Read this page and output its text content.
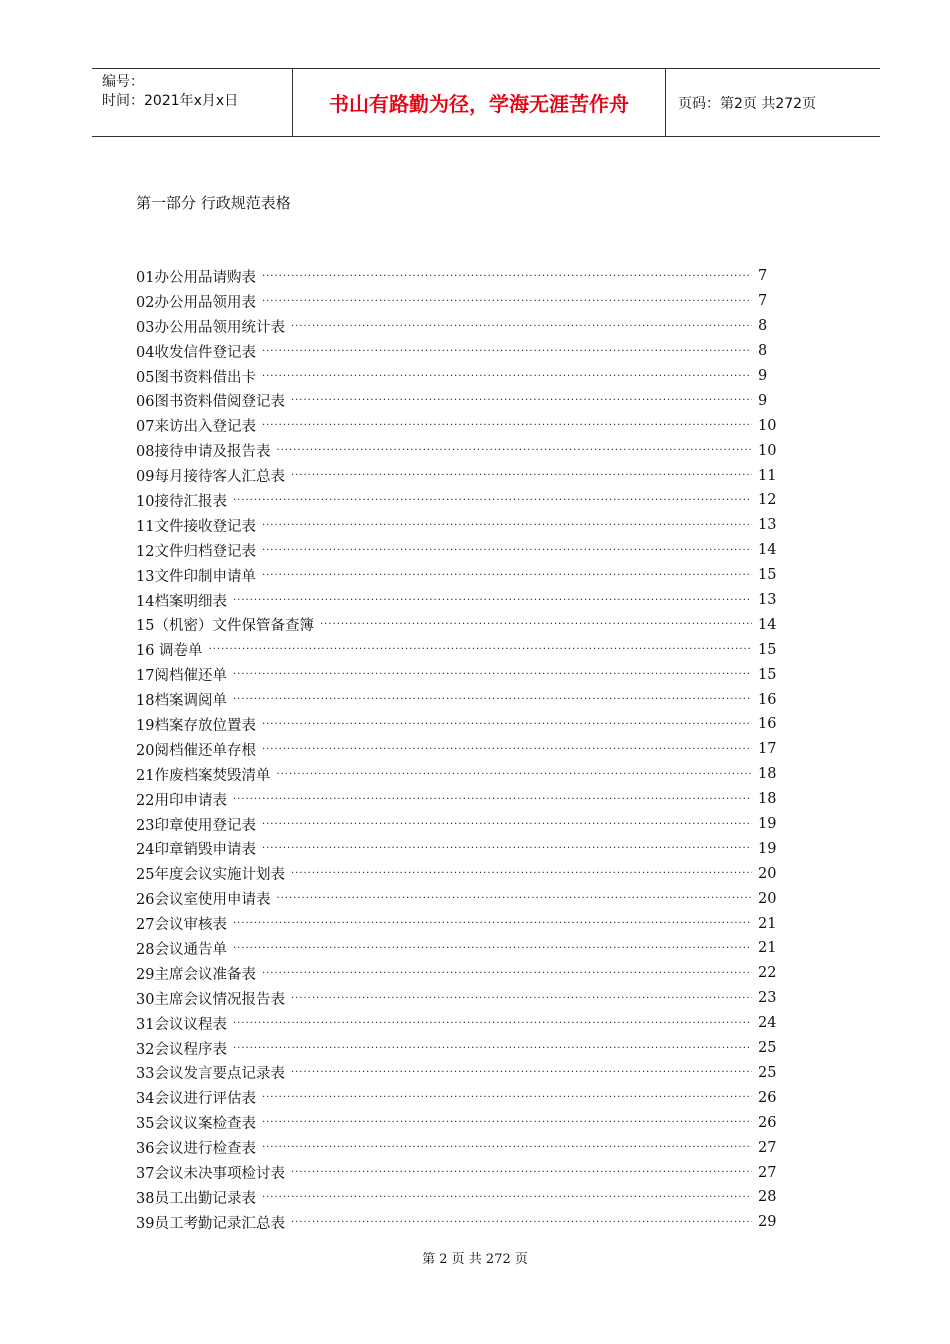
编号：
时间：2021年x月x日	书山有路勤为径，学海无涯苦作舟	页码：第2页 共272页
第一部分 行政规范表格
01办公用品请购表 ·····	7
02办公用品领用表 ·····	7
03办公用品领用统计表 ·····	8
04收发信件登记表 ·····	8
05图书资料借出卡 ·····	9
06图书资料借阅登记表 ·····	9
07来访出入登记表 ·····	10
08接待申请及报告表 ·····	10
09每月接待客人汇总表 ·····	11
10接待汇报表 ·····	12
11文件接收登记表 ·····	13
12文件归档登记表 ·····	14
13文件印制申请单 ·····	15
14档案明细表 ·····	13
15（机密）文件保管备查簿 ·····	14
16 调卷单 ·····	15
17阅档催还单 ·····	15
18档案调阅单 ·····	16
19档案存放位置表 ·····	16
20阅档催还单存根 ·····	17
21作废档案焚毁清单 ·····	18
22用印申请表 ·····	18
23印章使用登记表 ·····	19
24印章销毁申请表 ·····	19
25年度会议实施计划表 ·····	20
26会议室使用申请表 ·····	20
27会议审核表 ·····	21
28会议通告单 ·····	21
29主席会议准备表 ·····	22
30主席会议情况报告表 ·····	23
31会议议程表 ·····	24
32会议程序表 ·····	25
33会议发言要点记录表 ·····	25
34会议进行评估表 ·····	26
35会议议案检查表 ·····	26
36会议进行检查表 ·····	27
37会议未决事项检讨表 ·····	27
38员工出勤记录表 ·····	28
39员工考勤记录汇总表 ·····	29
第 2 页 共 272 页
